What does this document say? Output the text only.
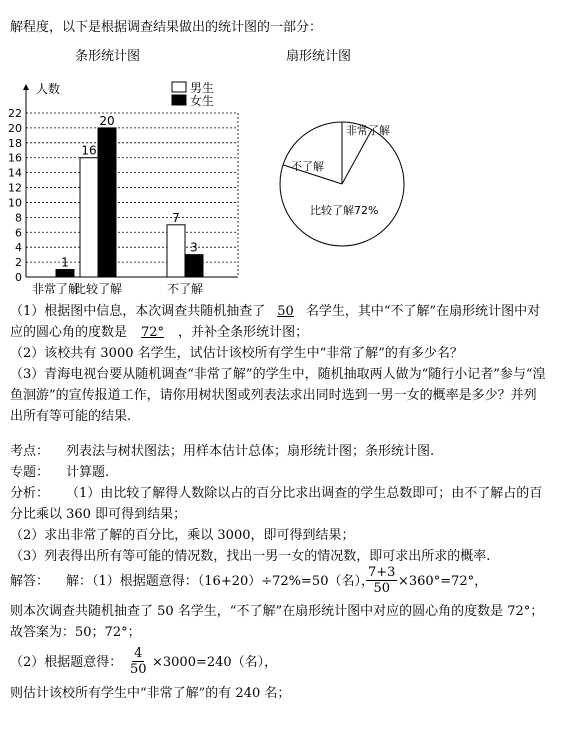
解程度，以下是根据调查结果做出的统计图的一部分：
条形统计图	扇形统计图
人数
0
2
4
6
8
10
12
14
16
18
20
22
男生
女生
非常了解
1
比较了解
16
20
不了解
7
3
比较了解72%
不了解
非常了解
（1）根据图中信息，本次调查共随机抽查了 50 名学生，其中“不了解”在扇形统计图中对
应的圆心角的度数是 72° ，并补全条形统计图；
（2）该校共有 3000 名学生，试估计该校所有学生中“非常了解”的有多少名？
（3）青海电视台要从随机调查“非常了解”的学生中，随机抽取两人做为“随行小记者”参与“湟
鱼洄游”的宣传报道工作，请你用树状图或列表法求出同时选到一男一女的概率是多少？并列
出所有等可能的结果.
考点： 列表法与树状图法；用样本估计总体；扇形统计图；条形统计图.
专题： 计算题.
分析： （1）由比较了解得人数除以占的百分比求出调查的学生总数即可；由不了解占的百
分比乘以 360 即可得到结果；
（2）求出非常了解的百分比，乘以 3000，即可得到结果；
（3）列表得出所有等可能的情况数，找出一男一女的情况数，即可求出所求的概率.
解答： 解：（1）根据题意得：（16+20）÷72%=50（名），
$\frac{7+3}{50} \times 360^\circ=72^\circ$，
则本次调查共随机抽查了 50 名学生，“不了解”在扇形统计图中对应的圆心角的度数是 72°；
故答案为：50；72°；
（2）根据题意得： $\frac{4}{50} \times 3000=240$（名），
则估计该校所有学生中“非常了解”的有 240 名；
